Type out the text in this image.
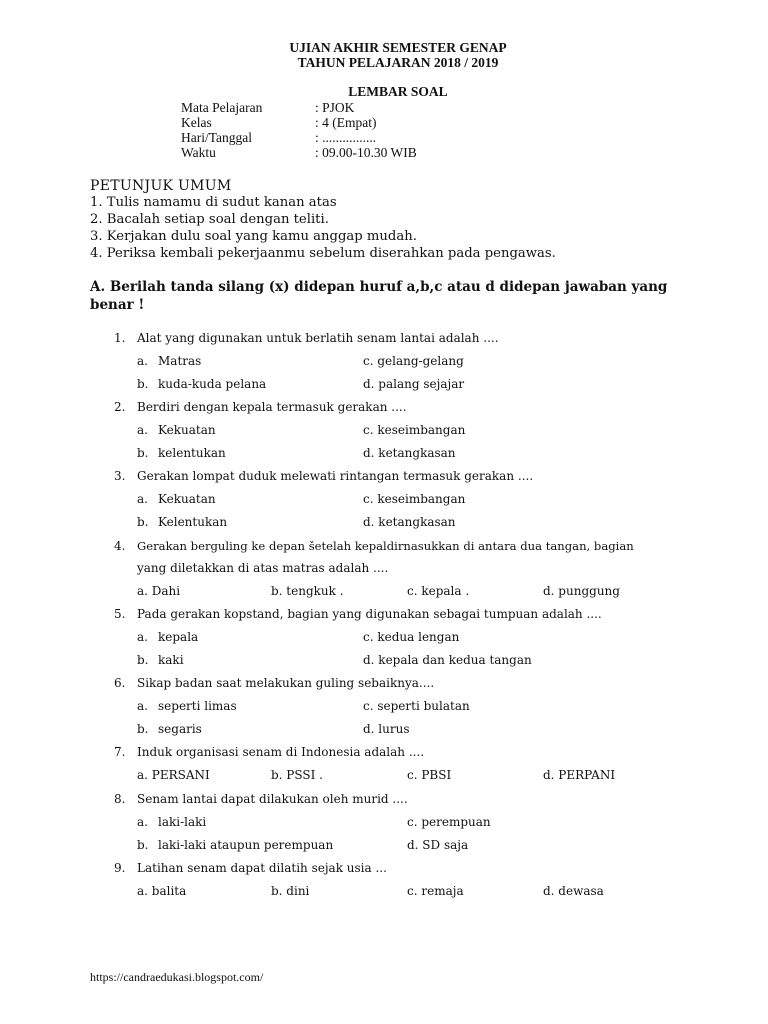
UJIAN AKHIR SEMESTER GENAP
TAHUN PELAJARAN 2018 / 2019
LEMBAR SOAL
Mata Pelajaran	: PJOK
Kelas	: 4 (Empat)
Hari/Tanggal	: ................
Waktu	: 09.00-10.30 WIB
PETUNJUK UMUM
1. Tulis namamu di sudut kanan atas
2. Bacalah setiap soal dengan teliti.
3. Kerjakan dulu soal yang kamu anggap mudah.
4. Periksa kembali pekerjaanmu sebelum diserahkan pada pengawas.
A. Berilah tanda silang (x) didepan huruf a,b,c atau d didepan jawaban yang
benar !
1. Alat yang digunakan untuk berlatih senam lantai adalah ....
a. Matras	c. gelang-gelang
b. kuda-kuda pelana	d. palang sejajar
2. Berdiri dengan kepala termasuk gerakan ....
a. Kekuatan	c. keseimbangan
b. kelentukan	d. ketangkasan
3. Gerakan lompat duduk melewati rintangan termasuk gerakan ....
a. Kekuatan	c. keseimbangan
b. Kelentukan	d. ketangkasan
4. Gerakan berguling ke depan šetelah kepaldirnasukkan di antara dua tangan, bagian
yang diletakkan di atas matras adalah ....
a. Dahi	b. tengkuk .	c. kepala .	d. punggung
5. Pada gerakan kopstand, bagian yang digunakan sebagai tumpuan adalah ....
a. kepala	c. kedua lengan
b. kaki	d. kepala dan kedua tangan
6. Sikap badan saat melakukan guling sebaiknya....
a. seperti limas	c. seperti bulatan
b. segaris	d. lurus
7. Induk organisasi senam di Indonesia adalah ....
a. PERSANI	b. PSSI .	c. PBSI	d. PERPANI
8. Senam lantai dapat dilakukan oleh murid ....
a. laki-laki	c. perempuan
b. laki-laki ataupun perempuan	d. SD saja
9. Latihan senam dapat dilatih sejak usia ...
a. balita	b. dini	c. remaja	d. dewasa
https://candraedukasi.blogspot.com/
